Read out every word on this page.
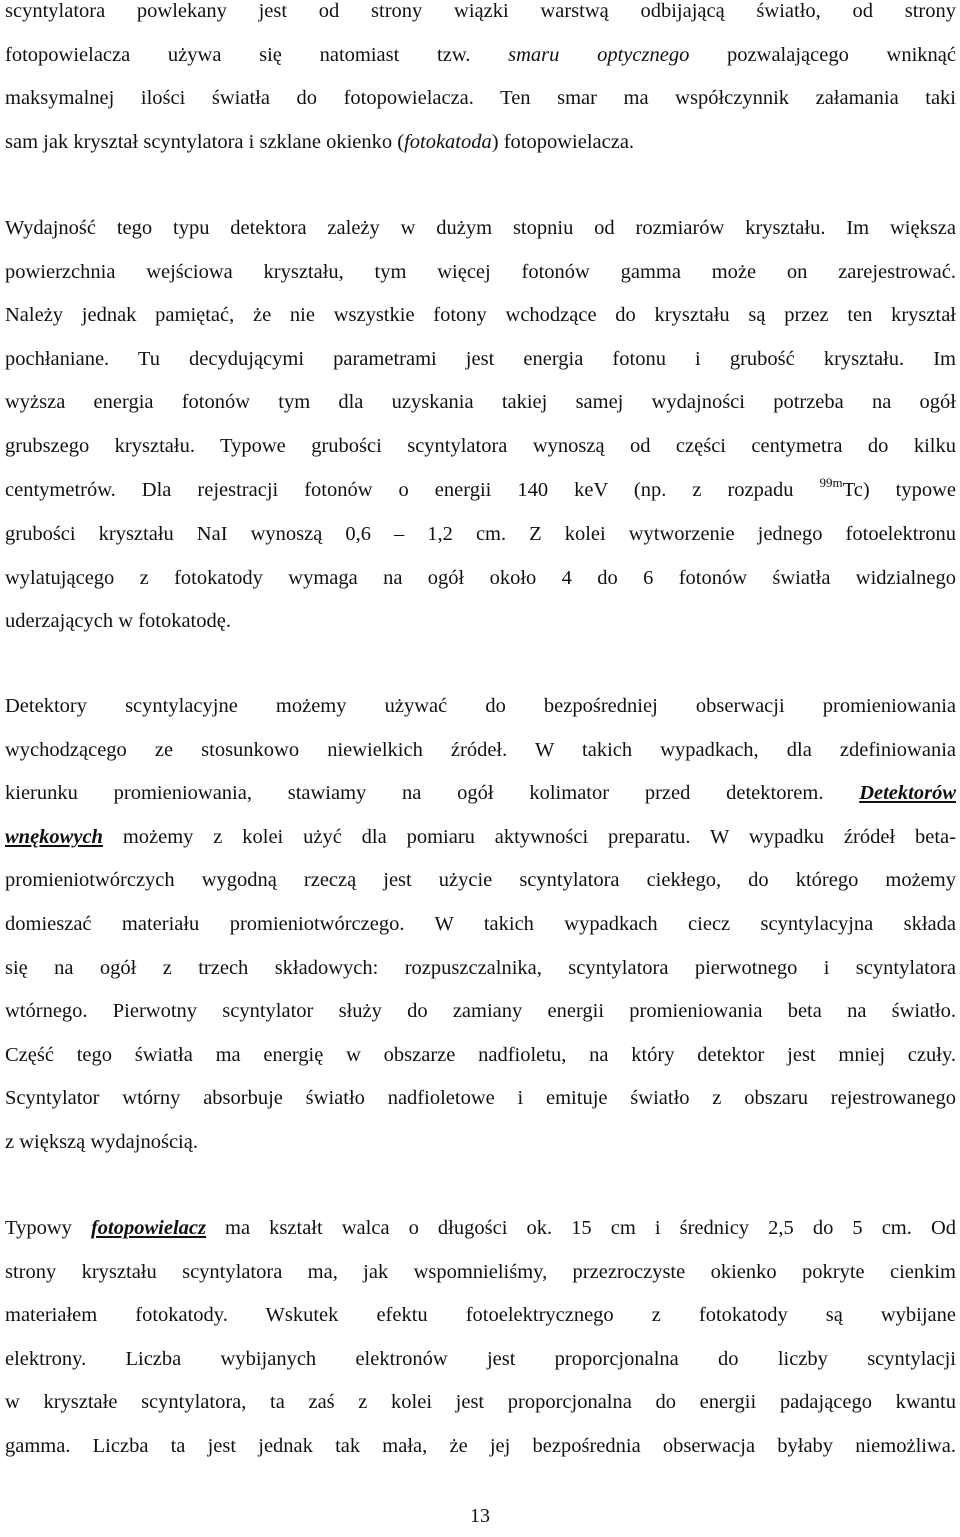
scyntylatora powlekany jest od strony wiązki warstwą odbijającą światło, od strony
fotopowielacza używa się natomiast tzw. smaru optycznego pozwalającego wniknąć
maksymalnej ilości światła do fotopowielacza. Ten smar ma współczynnik załamania taki
sam jak kryształ scyntylatora i szklane okienko (fotokatoda) fotopowielacza.
Wydajność tego typu detektora zależy w dużym stopniu od rozmiarów kryształu. Im większa
powierzchnia wejściowa kryształu, tym więcej fotonów gamma może on zarejestrować.
Należy jednak pamiętać, że nie wszystkie fotony wchodzące do kryształu są przez ten kryształ
pochłaniane. Tu decydującymi parametrami jest energia fotonu i grubość kryształu. Im
wyższa energia fotonów tym dla uzyskania takiej samej wydajności potrzeba na ogół
grubszego kryształu. Typowe grubości scyntylatora wynoszą od części centymetra do kilku
centymetrów. Dla rejestracji fotonów o energii 140 keV (np. z rozpadu $^{99m}$Tc) typowe
grubości kryształu NaI wynoszą 0,6 – 1,2 cm. Z kolei wytworzenie jednego fotoelektronu
wylatującego z fotokatody wymaga na ogół około 4 do 6 fotonów światła widzialnego
uderzających w fotokatodę.
Detektory scyntylacyjne możemy używać do bezpośredniej obserwacji promieniowania
wychodzącego ze stosunkowo niewielkich źródeł. W takich wypadkach, dla zdefiniowania
kierunku promieniowania, stawiamy na ogół kolimator przed detektorem. Detektorów
wnękowych możemy z kolei użyć dla pomiaru aktywności preparatu. W wypadku źródeł beta-
promieniotwórczych wygodną rzeczą jest użycie scyntylatora ciekłego, do którego możemy
domieszać materiału promieniotwórczego. W takich wypadkach ciecz scyntylacyjna składa
się na ogół z trzech składowych: rozpuszczalnika, scyntylatora pierwotnego i scyntylatora
wtórnego. Pierwotny scyntylator służy do zamiany energii promieniowania beta na światło.
Część tego światła ma energię w obszarze nadfioletu, na który detektor jest mniej czuły.
Scyntylator wtórny absorbuje światło nadfioletowe i emituje światło z obszaru rejestrowanego
z większą wydajnością.
Typowy fotopowielacz ma kształt walca o długości ok. 15 cm i średnicy 2,5 do 5 cm. Od
strony kryształu scyntylatora ma, jak wspomnieliśmy, przezroczyste okienko pokryte cienkim
materiałem fotokatody. Wskutek efektu fotoelektrycznego z fotokatody są wybijane
elektrony. Liczba wybijanych elektronów jest proporcjonalna do liczby scyntylacji
w kryształe scyntylatora, ta zaś z kolei jest proporcjonalna do energii padającego kwantu
gamma. Liczba ta jest jednak tak mała, że jej bezpośrednia obserwacja byłaby niemożliwa.
13
